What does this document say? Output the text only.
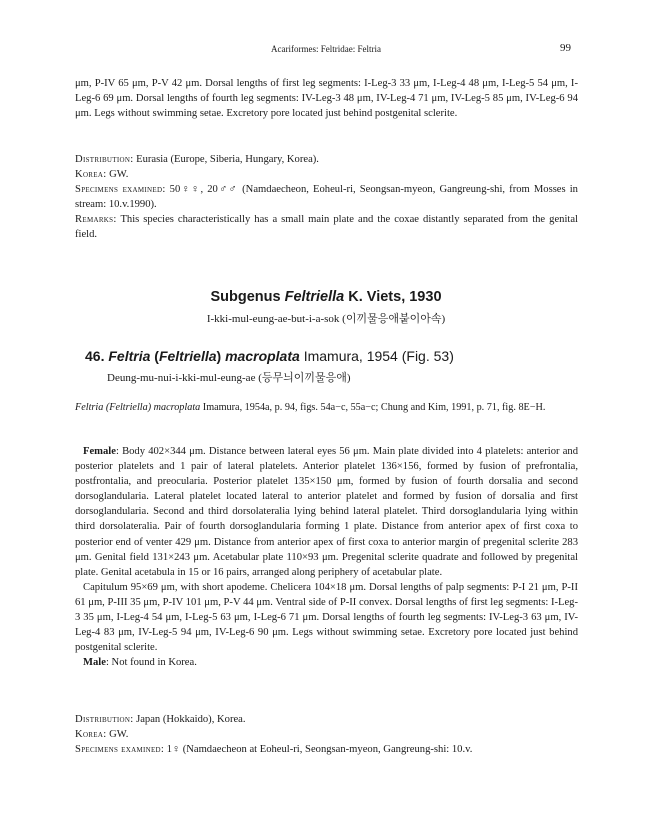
Acariformes: Feltridae: Feltria	99

μm, P-IV 65 μm, P-V 42 μm. Dorsal lengths of first leg segments: I-Leg-3 33 μm, I-Leg-4 48 μm, I-Leg-5 54 μm, I-Leg-6 69 μm. Dorsal lengths of fourth leg segments: IV-Leg-3 48 μm, IV-Leg-4 71 μm, IV-Leg-5 85 μm, IV-Leg-6 94 μm. Legs without swimming setae. Excretory pore located just behind postgenital sclerite.

Distribution: Eurasia (Europe, Siberia, Hungary, Korea).

Korea: GW.

Specimens examined: 50♀♀, 20♂♂ (Namdaecheon, Eoheul-ri, Seongsan-myeon, Gangreung-shi, from Mosses in stream: 10.v.1990).

Remarks: This species characteristically has a small main plate and the coxae distantly separated from the genital field.

Subgenus Feltriella K. Viets, 1930
I-kki-mul-eung-ae-but-i-a-sok (이끼물응애붙이아속)
46. Feltria (Feltriella) macroplata Imamura, 1954 (Fig. 53)
Deung-mu-nui-i-kki-mul-eung-ae (등무늬이끼물응애)

Feltria (Feltriella) macroplata Imamura, 1954a, p. 94, figs. 54a−c, 55a−c; Chung and Kim, 1991, p. 71, fig. 8E−H.

Female: Body 402×344 μm. Distance between lateral eyes 56 μm. Main plate divided into 4 platelets: anterior and posterior platelets and 1 pair of lateral platelets. Anterior platelet 136×156, formed by fusion of prefrontalia, postfrontalia, and preocularia. Posterior platelet 135×150 μm, formed by fusion of fourth dorsalia and second dorsoglandularia. Lateral platelet located lateral to anterior platelet and formed by fusion of dorsalia and first dorsoglandularia. Second and third dorsolateralia lying behind lateral platelet. Third dorsoglandularia lying within third dorsolateralia. Pair of fourth dorsoglandularia forming 1 plate. Distance from anterior apex of first coxa to posterior end of venter 429 μm. Distance from anterior apex of first coxa to anterior margin of pregenital sclerite 283 μm. Genital field 131×243 μm. Acetabular plate 110×93 μm. Pregenital sclerite quadrate and followed by pregenital plate. Genital acetabula in 15 or 16 pairs, arranged along periphery of acetabular plate.

Capitulum 95×69 μm, with short apodeme. Chelicera 104×18 μm. Dorsal lengths of palp segments: P-I 21 μm, P-II 61 μm, P-III 35 μm, P-IV 101 μm, P-V 44 μm. Ventral side of P-II convex. Dorsal lengths of first leg segments: I-Leg-3 35 μm, I-Leg-4 54 μm, I-Leg-5 63 μm, I-Leg-6 71 μm. Dorsal lengths of fourth leg segments: IV-Leg-3 63 μm, IV-Leg-4 83 μm, IV-Leg-5 94 μm, IV-Leg-6 90 μm. Legs without swimming setae. Excretory pore located just behind postgenital sclerite.

Male: Not found in Korea.

Distribution: Japan (Hokkaido), Korea.

Korea: GW.

Specimens examined: 1♀ (Namdaecheon at Eoheul-ri, Seongsan-myeon, Gangreung-shi: 10.v.
